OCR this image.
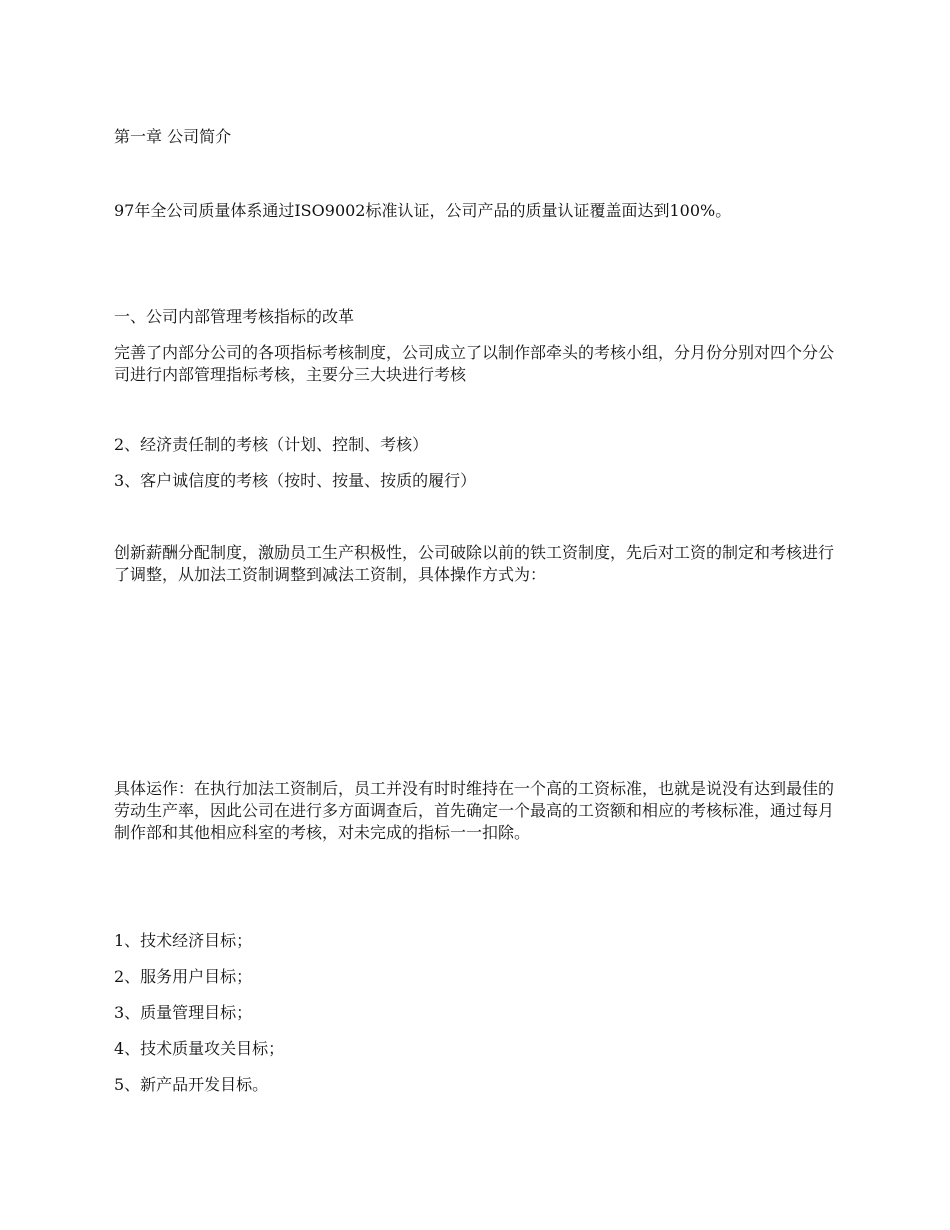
第一章 公司简介

97年全公司质量体系通过ISO9002标准认证，公司产品的质量认证覆盖面达到100%。

一、公司内部管理考核指标的改革

完善了内部分公司的各项指标考核制度，公司成立了以制作部牵头的考核小组，分月份分别对四个分公司进行内部管理指标考核，主要分三大块进行考核

2、经济责任制的考核（计划、控制、考核）

3、客户诚信度的考核（按时、按量、按质的履行）

创新薪酬分配制度，激励员工生产积极性，公司破除以前的铁工资制度，先后对工资的制定和考核进行了调整，从加法工资制调整到减法工资制，具体操作方式为：

具体运作：在执行加法工资制后，员工并没有时时维持在一个高的工资标准，也就是说没有达到最佳的劳动生产率，因此公司在进行多方面调查后，首先确定一个最高的工资额和相应的考核标准，通过每月制作部和其他相应科室的考核，对未完成的指标一一扣除。

1、技术经济目标；

2、服务用户目标；

3、质量管理目标；

4、技术质量攻关目标；

5、新产品开发目标。
